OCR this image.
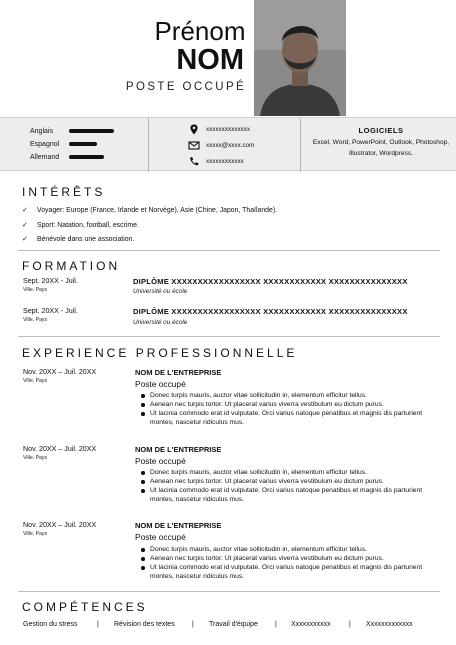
Prénom
NOM
POSTE OCCUPÉ
Anglais
Espagnol
Allemand
xxxxxxxxxxxxxx
xxxxx@xxxx.com
xxxxxxxxxxxx
LOGICIELS
Excel, Word, PowerPoint, Outlook, Photoshop, Illustrator, Wordpress.
INTÉRÊTS
✓ Voyager: Europe (France, Irlande et Norvège), Asie (Chine, Japon, Thaïlande).
✓ Sport: Natation, football, escrime.
✓ Bénévole dans une association.
FORMATION
Sept. 20XX - Juil.
Ville, Pays
DIPLÔME XXXXXXXXXXXXXXXXX XXXXXXXXXXXX XXXXXXXXXXXXXXX
Université ou école
Sept. 20XX - Juil.
Ville, Pays
DIPLÔME XXXXXXXXXXXXXXXXX XXXXXXXXXXXX XXXXXXXXXXXXXXX
Université ou école
EXPERIENCE PROFESSIONNELLE
Nov. 20XX – Juil. 20XX
Ville, Pays
NOM DE L'ENTREPRISE
Poste occupé
Donec turpis mauris, auctor vitae sollicitudin in, elementum efficitur tellus.
Aenean nec turpis tortor. Ut placerat varius viverra vestibulum eu dictum purus.
Ut lacinia commodo erat id vulputate. Orci varius natoque penatibus et magnis dis parturient montes, nascetur ridiculus mus.
Nov. 20XX – Juil. 20XX
Ville, Pays
NOM DE L'ENTREPRISE
Poste occupé
Donec turpis mauris, auctor vitae sollicitudin in, elementum efficitur tellus.
Aenean nec turpis tortor. Ut placerat varius viverra vestibulum eu dictum purus.
Ut lacinia commodo erat id vulputate. Orci varius natoque penatibus et magnis dis parturient montes, nascetur ridiculus mus.
Nov. 20XX – Juil. 20XX
Ville, Pays
NOM DE L'ENTREPRISE
Poste occupé
Donec turpis mauris, auctor vitae sollicitudin in, elementum efficitur tellus.
Aenean nec turpis tortor. Ut placerat varius viverra vestibulum eu dictum purus.
Ut lacinia commodo erat id vulputate. Orci varius natoque penatibus et magnis dis parturient montes, nascetur ridiculus mus.
COMPÉTENCES
Gestion du stress	| Révision des textes | Travail d'équipe | Xxxxxxxxxxx	| Xxxxxxxxxxxxx
